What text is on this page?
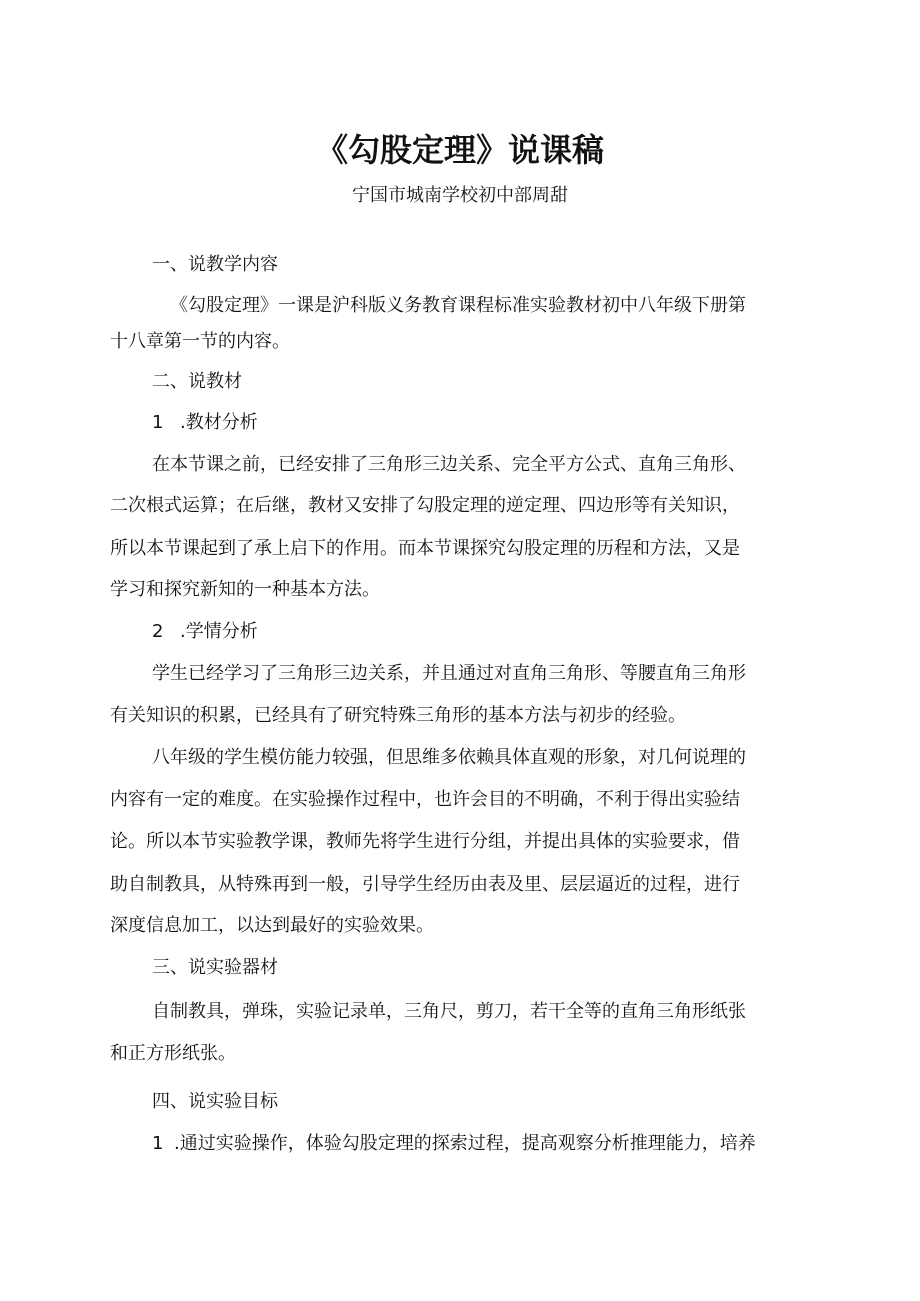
《勾股定理》说课稿

宁国市城南学校初中部周甜

一、说教学内容

《勾股定理》一课是沪科版义务教育课程标准实验教材初中八年级下册第

十八章第一节的内容。

二、说教材

1 .教材分析

在本节课之前，已经安排了三角形三边关系、完全平方公式、直角三角形、

二次根式运算；在后继，教材又安排了勾股定理的逆定理、四边形等有关知识，

所以本节课起到了承上启下的作用。而本节课探究勾股定理的历程和方法，又是

学习和探究新知的一种基本方法。

2 .学情分析

学生已经学习了三角形三边关系，并且通过对直角三角形、等腰直角三角形

有关知识的积累，已经具有了研究特殊三角形的基本方法与初步的经验。

八年级的学生模仿能力较强，但思维多依赖具体直观的形象，对几何说理的

内容有一定的难度。在实验操作过程中，也许会目的不明确，不利于得出实验结

论。所以本节实验教学课，教师先将学生进行分组，并提出具体的实验要求，借

助自制教具，从特殊再到一般，引导学生经历由表及里、层层逼近的过程，进行

深度信息加工，以达到最好的实验效果。

三、说实验器材

自制教具，弹珠，实验记录单，三角尺，剪刀，若干全等的直角三角形纸张

和正方形纸张。

四、说实验目标

1 .通过实验操作，体验勾股定理的探索过程，提高观察分析推理能力，培养
